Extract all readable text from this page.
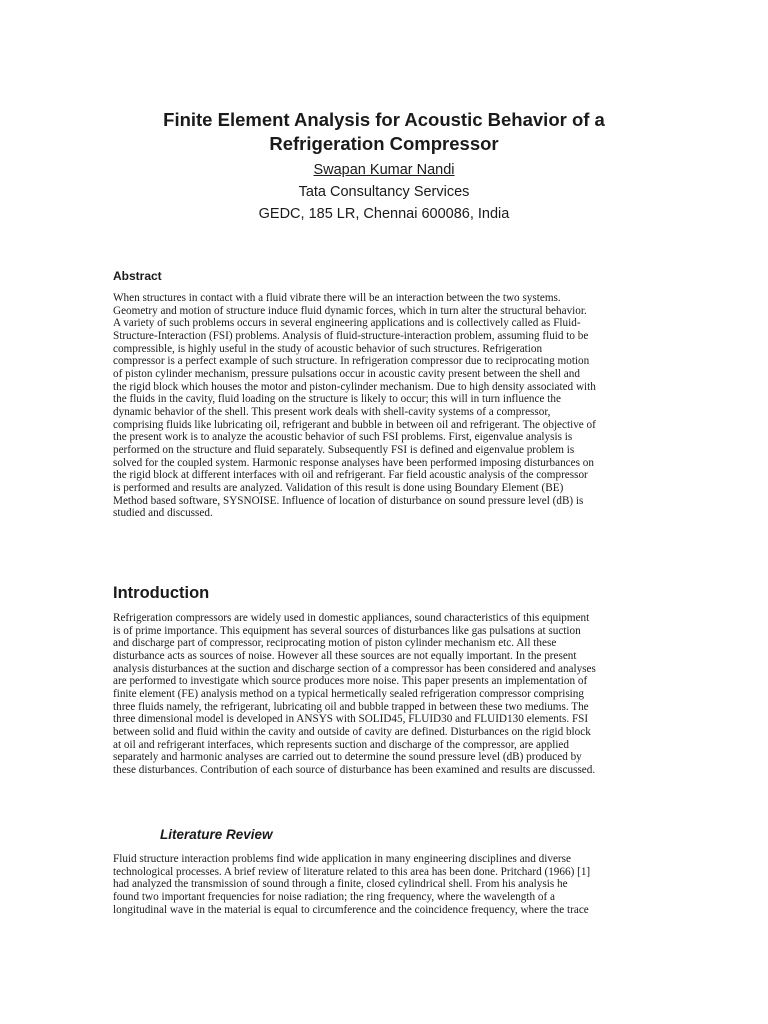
Finite Element Analysis for Acoustic Behavior of a
Refrigeration Compressor

Swapan Kumar Nandi

Tata Consultancy Services

GEDC, 185 LR, Chennai 600086, India

Abstract
When structures in contact with a fluid vibrate there will be an interaction between the two systems.
Geometry and motion of structure induce fluid dynamic forces, which in turn alter the structural behavior.
A variety of such problems occurs in several engineering applications and is collectively called as Fluid-
Structure-Interaction (FSI) problems. Analysis of fluid-structure-interaction problem, assuming fluid to be
compressible, is highly useful in the study of acoustic behavior of such structures. Refrigeration
compressor is a perfect example of such structure. In refrigeration compressor due to reciprocating motion
of piston cylinder mechanism, pressure pulsations occur in acoustic cavity present between the shell and
the rigid block which houses the motor and piston-cylinder mechanism. Due to high density associated with
the fluids in the cavity, fluid loading on the structure is likely to occur; this will in turn influence the
dynamic behavior of the shell. This present work deals with shell-cavity systems of a compressor,
comprising fluids like lubricating oil, refrigerant and bubble in between oil and refrigerant. The objective of
the present work is to analyze the acoustic behavior of such FSI problems. First, eigenvalue analysis is
performed on the structure and fluid separately. Subsequently FSI is defined and eigenvalue problem is
solved for the coupled system. Harmonic response analyses have been performed imposing disturbances on
the rigid block at different interfaces with oil and refrigerant. Far field acoustic analysis of the compressor
is performed and results are analyzed. Validation of this result is done using Boundary Element (BE)
Method based software, SYSNOISE. Influence of location of disturbance on sound pressure level (dB) is
studied and discussed.
Introduction
Refrigeration compressors are widely used in domestic appliances, sound characteristics of this equipment
is of prime importance. This equipment has several sources of disturbances like gas pulsations at suction
and discharge part of compressor, reciprocating motion of piston cylinder mechanism etc. All these
disturbance acts as sources of noise. However all these sources are not equally important. In the present
analysis disturbances at the suction and discharge section of a compressor has been considered and analyses
are performed to investigate which source produces more noise. This paper presents an implementation of
finite element (FE) analysis method on a typical hermetically sealed refrigeration compressor comprising
three fluids namely, the refrigerant, lubricating oil and bubble trapped in between these two mediums. The
three dimensional model is developed in ANSYS with SOLID45, FLUID30 and FLUID130 elements. FSI
between solid and fluid within the cavity and outside of cavity are defined. Disturbances on the rigid block
at oil and refrigerant interfaces, which represents suction and discharge of the compressor, are applied
separately and harmonic analyses are carried out to determine the sound pressure level (dB) produced by
these disturbances. Contribution of each source of disturbance has been examined and results are discussed.
Literature Review
Fluid structure interaction problems find wide application in many engineering disciplines and diverse
technological processes. A brief review of literature related to this area has been done. Pritchard (1966) [1]
had analyzed the transmission of sound through a finite, closed cylindrical shell. From his analysis he
found two important frequencies for noise radiation; the ring frequency, where the wavelength of a
longitudinal wave in the material is equal to circumference and the coincidence frequency, where the trace
